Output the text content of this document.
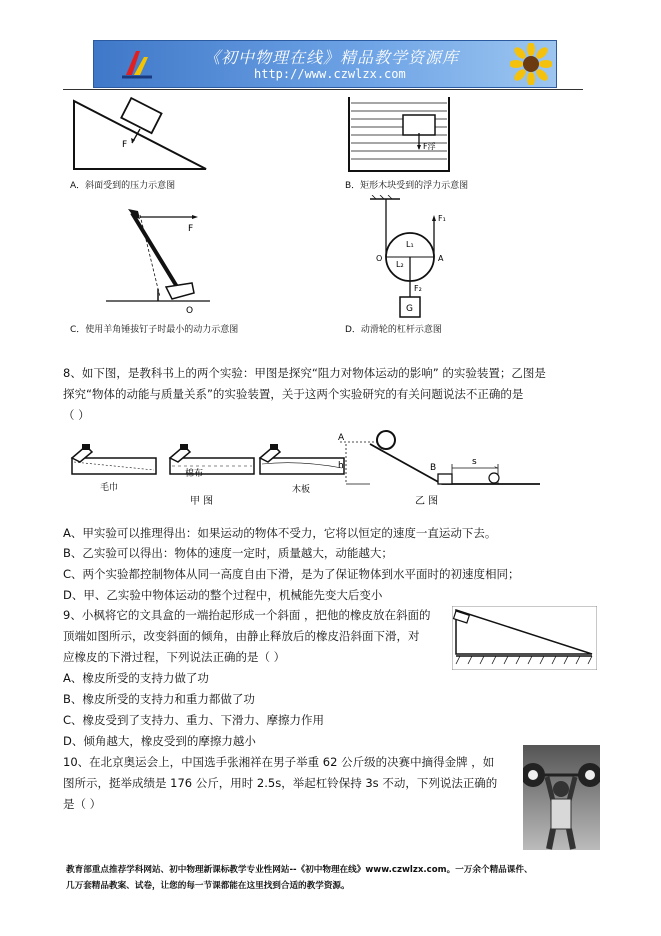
《初中物理在线》精品教学资源库
http://www.czwlzx.com
F
A．斜面受到的压力示意图
F浮
B．矩形木块受到的浮力示意图
F
O
C．使用羊角锤拔钉子时最小的动力示意图
F₁
L₁
L₂
O	A
F₂
G
D．动滑轮的杠杆示意图
8、如下图，是教科书上的两个实验：甲图是探究“阻力对物体运动的影响” 的实验装置；乙图是
探究“物体的动能与质量关系”的实验装置，关于这两个实验研究的有关问题说法不正确的是
（ ）
毛巾
棉布
木板
甲 图
A
h	B
s
乙 图
A、甲实验可以推理得出：如果运动的物体不受力，它将以恒定的速度一直运动下去。
B、乙实验可以得出：物体的速度一定时，质量越大，动能越大；
C、两个实验都控制物体从同一高度自由下滑，是为了保证物体到水平面时的初速度相同；
D、甲、乙实验中物体运动的整个过程中，机械能先变大后变小
9、小枫将它的文具盒的一端抬起形成一个斜面 ，把他的橡皮放在斜面的
顶端如图所示，改变斜面的倾角，由静止释放后的橡皮沿斜面下滑，对
应橡皮的下滑过程，下列说法正确的是（ ）
A、橡皮所受的支持力做了功
B、橡皮所受的支持力和重力都做了功
C、橡皮受到了支持力、重力、下滑力、摩擦力作用
D、倾角越大，橡皮受到的摩擦力越小
10、在北京奥运会上，中国选手张湘祥在男子举重 62 公斤级的决赛中摘得金牌 ，如
图所示，挺举成绩是 176 公斤，用时 2.5s，举起杠铃保持 3s 不动，下列说法正确的
是（ ）
教育部重点推荐学科网站、初中物理新课标教学专业性网站--《初中物理在线》www.czwlzx.com。一万余个精品课件、
几万套精品教案、试卷，让您的每一节课都能在这里找到合适的教学资源。
